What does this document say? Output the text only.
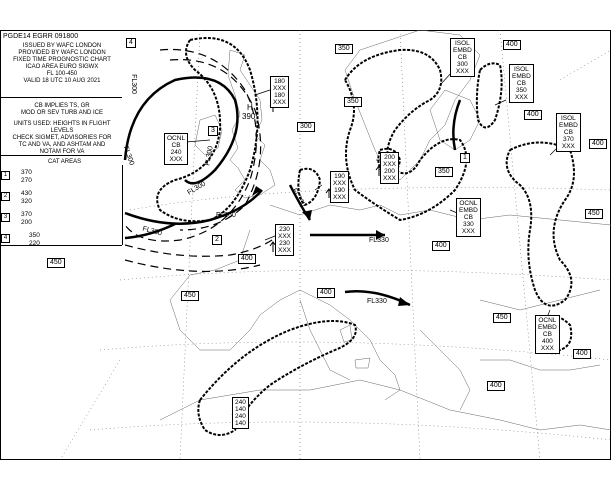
PGDE14 EGRR 091800
ISSUED BY WAFC LONDON
PROVIDED BY WAFC LONDON
FIXED TIME PROGNOSTIC CHART
ICAO AREA EURO SIGWX
FL 100-450
VALID 18 UTC 10 AUG 2021
CB IMPLIES TS, GR
MOD OR SEV TURB AND ICE
UNITS USED: HEIGHTS IN FLIGHT LEVELS
CHECK SIGMET, ADVISORIES FOR
TC AND VA, AND ASHTAM AND
NOTAM FOR VA
CAT AREAS
1	370
270
2	430
320
3	370
200
4	350
220
350
400
350
300
350
400
400
450
450
450
400
400
400
400
450
400
OCNL
CB
240
XXX
ISOL
EMBD
CB
300
XXX	ISOL
EMBD
CB
350
XXX
ISOL
EMBD
CB
370
XXX
OCNL
EMBD
CB
330
XXX
OCNL
EMBD
CB
400
XXX
180
XXX
180
XXX
190
XXX
190
XXX
200
XXX
200
XXX
230
XXX
230
XXX
240
140
240
140
FL360
FL380
FL330
FL330
FL330
FL300
FL300
FL300
FL300
H
390
4
3
2
1
